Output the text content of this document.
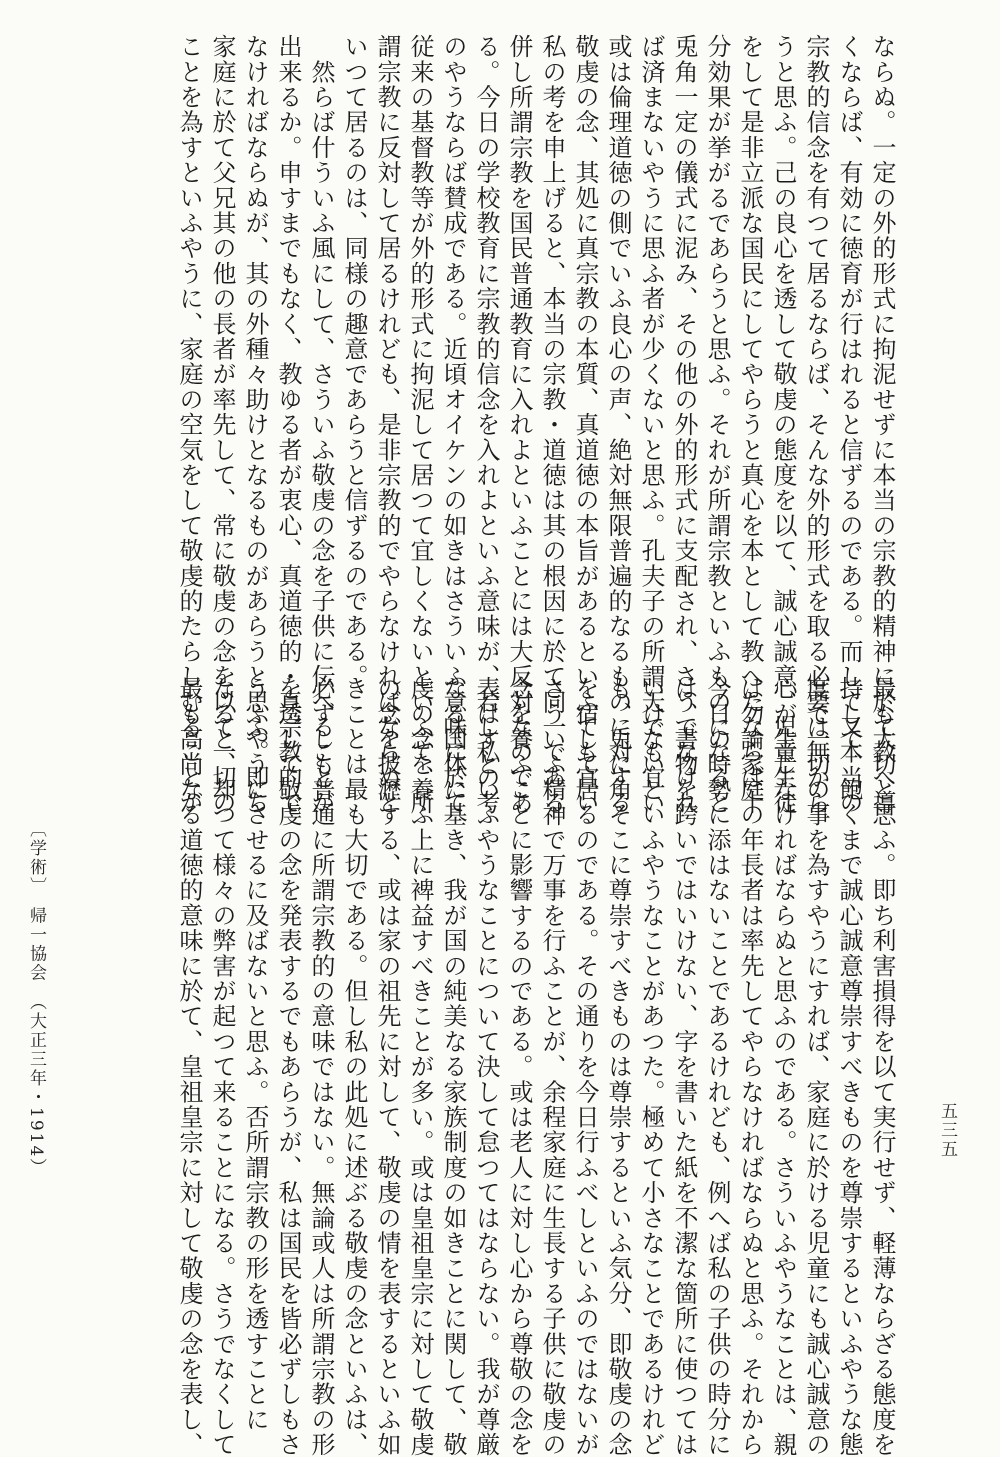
ならぬ。一定の外的形式に拘泥せずに本当の宗教的精神に於て教へ導
くならば、有効に徳育が行はれると信ずるのである。而して又本当の
宗教的信念を有つて居るならば、そんな外的形式を取る必要は無から
うと思ふ。己の良心を透して敬虔の態度を以て、誠心誠意、児童生徒
をして是非立派な国民にしてやらうと真心を本として教へたならば十
分効果が挙がるであらうと思ふ。それが所謂宗教といふものになると
兎角一定の儀式に泥み、その他の外的形式に支配され、さうでなけれ
ば済まないやうに思ふ者が少くないと思ふ。孔夫子の所謂天でも宜い
或は倫理道徳の側でいふ良心の声、絶対無限普遍的なるものに対する
敬虔の念、其処に真宗教の本質、真道徳の本旨があるといふても宜い
私の考を申上げると、本当の宗教・道徳は其の根因に於て同一である
併し所謂宗教を国民普通教育に入れよといふことには大反対なのであ
る。今日の学校教育に宗教的信念を入れよといふ意味が、若し私の考
のやうならば賛成である。近頃オイケンの如きはさういふ意味に於て
従来の基督教等が外的形式に拘泥して居つて宜しくないといふて、所
謂宗教に反対して居るけれども、是非宗教的でやらなければならぬと
いつて居るのは、同様の趣意であらうと信ずるのである。
　然らば什ういふ風にして、さういふ敬虔の念を子供に伝へることが
出来るか。申すまでもなく、教ゆる者が衷心、真道徳的・真宗教的で
なければならぬが、其の外種々助けとなるものがあらうと思ふ。即ち
家庭に於て父兄其の他の長者が率先して、常に敬虔の念を以て一切の
ことを為すといふやうに、家庭の空気をして敬虔的たらしむることが
最も大切と思ふ。即ち利害損得を以て実行せず、軽薄ならざる態度を
持して、飽くまで誠心誠意尊崇すべきものを尊崇するといふやうな態
度で一切の事を為すやうにすれば、家庭に於ける児童にも誠心誠意の
心が生じなければならぬと思ふのである。さういふやうなことは、親
は勿論家庭の年長者は率先してやらなければならぬと思ふ。それから
今日の時勢に添はないことであるけれども、例へば私の子供の時分に
は、書物を跨いではいけない、字を書いた紙を不潔な箇所に使つては
いけないといふやうなことがあつた。極めて小さなことであるけれど
も、兎に角そこに尊崇すべきものは尊崇するといふ気分、即敬虔の念
を宿して居るのである。その通りを今日行ふべしといふのではないが
さういふ精神で万事を行ふことが、余程家庭に生長する子供に敬虔の
念を養ふことに影響するのである。或は老人に対し心から尊敬の念を
表はすといふやうなことについて決して怠つてはならない。我が尊厳
なる国体に基き、我が国の純美なる家族制度の如きことに関して、敬
虔の念を養ふ上に裨益すべきことが多い。或は皇祖皇宗に対して敬虔
の念を披瀝する、或は家の祖先に対して、敬虔の情を表するといふ如
きことは最も大切である。但し私の此処に述ぶる敬虔の念といふは、
必ずしも普通に所謂宗教的の意味ではない。無論或人は所謂宗教の形
を透して敬虔の念を発表するでもあらうが、私は国民を皆必ずしもさ
うふやうにさせるに及ばないと思ふ。否所謂宗教の形を透すことに
なると、却つて様々の弊害が起つて来ることになる。さうでなくして
最も高尚なる道徳的意味に於て、皇祖皇宗に対して敬虔の念を表し、
〔学術〕　帰一協会　（大正三年・1914）	五三五
